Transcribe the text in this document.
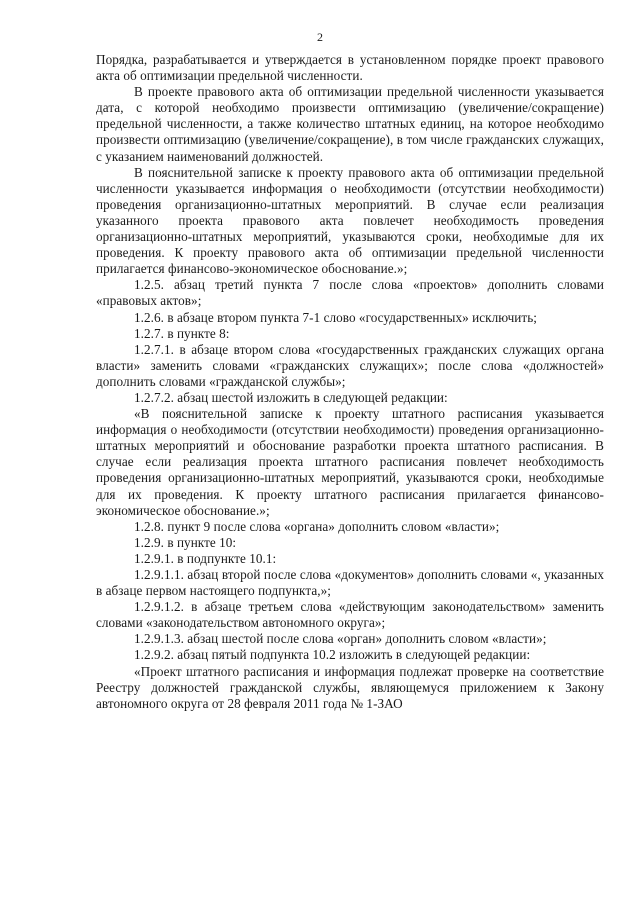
2

Порядка, разрабатывается и утверждается в установленном порядке проект правового акта об оптимизации предельной численности.

В проекте правового акта об оптимизации предельной численности указывается дата, с которой необходимо произвести оптимизацию (увеличение/сокращение) предельной численности, а также количество штатных единиц, на которое необходимо произвести оптимизацию (увеличение/сокращение), в том числе гражданских служащих, с указанием наименований должностей.

В пояснительной записке к проекту правового акта об оптимизации предельной численности указывается информация о необходимости (отсутствии необходимости) проведения организационно-штатных мероприятий. В случае если реализация указанного проекта правового акта повлечет необходимость проведения организационно-штатных мероприятий, указываются сроки, необходимые для их проведения. К проекту правового акта об оптимизации предельной численности прилагается финансово-экономическое обоснование.»;

1.2.5. абзац третий пункта 7 после слова «проектов» дополнить словами «правовых актов»;

1.2.6. в абзаце втором пункта 7-1 слово «государственных» исключить;

1.2.7. в пункте 8:

1.2.7.1. в абзаце втором слова «государственных гражданских служащих органа власти» заменить словами «гражданских служащих»; после слова «должностей» дополнить словами «гражданской службы»;

1.2.7.2. абзац шестой изложить в следующей редакции:

«В пояснительной записке к проекту штатного расписания указывается информация о необходимости (отсутствии необходимости) проведения организационно-штатных мероприятий и обоснование разработки проекта штатного расписания. В случае если реализация проекта штатного расписания повлечет необходимость проведения организационно-штатных мероприятий, указываются сроки, необходимые для их проведения. К проекту штатного расписания прилагается финансово-экономическое обоснование.»;

1.2.8. пункт 9 после слова «органа» дополнить словом «власти»;

1.2.9. в пункте 10:

1.2.9.1. в подпункте 10.1:

1.2.9.1.1. абзац второй после слова «документов» дополнить словами «, указанных в абзаце первом настоящего подпункта,»;

1.2.9.1.2. в абзаце третьем слова «действующим законодательством» заменить словами «законодательством автономного округа»;

1.2.9.1.3. абзац шестой после слова «орган» дополнить словом «власти»;

1.2.9.2. абзац пятый подпункта 10.2 изложить в следующей редакции:

«Проект штатного расписания и информация подлежат проверке на соответствие Реестру должностей гражданской службы, являющемуся приложением к Закону автономного округа от 28 февраля 2011 года № 1-ЗАО
